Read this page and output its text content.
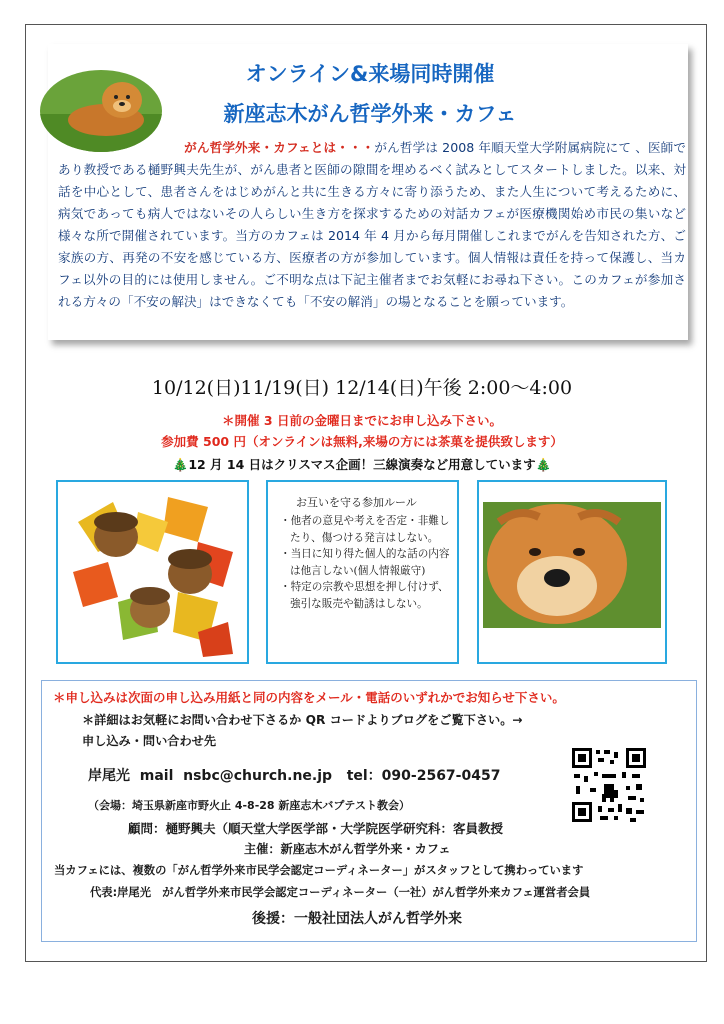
オンライン&来場同時開催
新座志木がん哲学外来・カフェ
がん哲学外来・カフェとは・・・がん哲学は 2008 年順天堂大学附属病院にて 、医師であり教授である樋野興夫先生が、がん患者と医師の隙間を埋めるべく試みとしてスタートしました。以来、対話を中心として、患者さんをはじめがんと共に生きる方々に寄り添うため、また人生について考えるために、病気であっても病人ではないその人らしい生き方を探求するための対話カフェが医療機関始め市民の集いなど様々な所で開催されています。当方のカフェは 2014 年 4 月から毎月開催しこれまでがんを告知された方、ご家族の方、再発の不安を感じている方、医療者の方が参加しています。個人情報は責任を持って保護し、当カフェ以外の目的には使用しません。ご不明な点は下記主催者までお気軽にお尋ね下さい。このカフェが参加される方々の「不安の解決」はできなくても「不安の解消」の場となることを願っています。
10/12(日)11/19(日) 12/14(日)午後 2:00～4:00
＊開催 3 日前の金曜日までにお申し込み下さい。
参加費 500 円（オンラインは無料,来場の方には茶菓を提供致します）
🎄12 月 14 日はクリスマス企画！三線演奏など用意しています🎄
お互いを守る参加ルール
・他者の意見や考えを否定・非難したり、傷つける発言はしない。
・当日に知り得た個人的な話の内容は他言しない(個人情報厳守)
・特定の宗教や思想を押し付けず、強引な販売や勧誘はしない。
＊申し込みは次面の申し込み用紙と同の内容をメール・電話のいずれかでお知らせ下さい。
＊詳細はお気軽にお問い合わせ下さるか QR コードよりブログをご覧下さい。→
申し込み・問い合わせ先
岸尾光  mail  nsbc@church.ne.jp   tel：090-2567-0457
（会場：埼玉県新座市野火止 4-8-28 新座志木バプテスト教会）
顧問：樋野興夫（順天堂大学医学部・大学院医学研究科：客員教授
主催：新座志木がん哲学外来・カフェ
当カフェには、複数の「がん哲学外来市民学会認定コーディネーター」がスタッフとして携わっています
代表:岸尾光　がん哲学外来市民学会認定コーディネーター（一社）がん哲学外来カフェ運営者会員
後援：一般社団法人がん哲学外来
